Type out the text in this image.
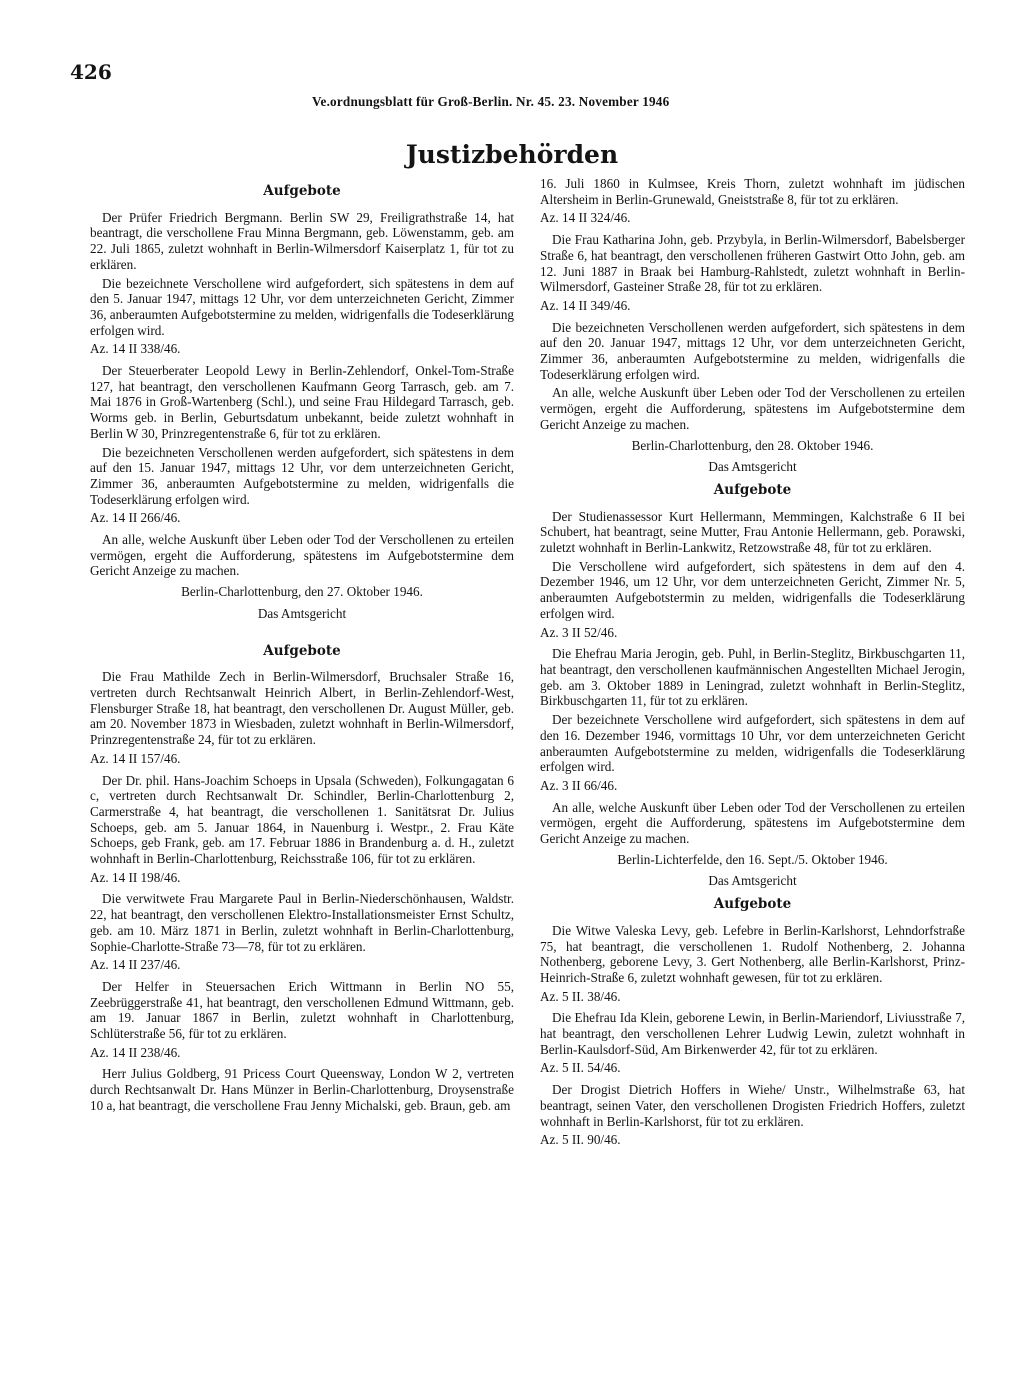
426
Ve.ordnungsblatt für Groß-Berlin. Nr. 45. 23. November 1946
Justizbehörden
Aufgebote

Der Prüfer Friedrich Bergmann. Berlin SW 29, Freiligrathstraße 14, hat beantragt, die verschollene Frau Minna Bergmann, geb. Löwenstamm, geb. am 22. Juli 1865, zuletzt wohnhaft in Berlin-Wilmersdorf Kaiserplatz 1, für tot zu erklären.

Die bezeichnete Verschollene wird aufgefordert, sich spätestens in dem auf den 5. Januar 1947, mittags 12 Uhr, vor dem unterzeichneten Gericht, Zimmer 36, anberaumten Aufgebotstermine zu melden, widrigenfalls die Todeserklärung erfolgen wird.

Az. 14 II 338/46.

Der Steuerberater Leopold Lewy in Berlin-Zehlendorf, Onkel-Tom-Straße 127, hat beantragt, den verschollenen Kaufmann Georg Tarrasch, geb. am 7. Mai 1876 in Groß-Wartenberg (Schl.), und seine Frau Hildegard Tarrasch, geb. Worms geb. in Berlin, Geburtsdatum unbekannt, beide zuletzt wohnhaft in Berlin W 30, Prinzregentenstraße 6, für tot zu erklären.

Die bezeichneten Verschollenen werden aufgefordert, sich spätestens in dem auf den 15. Januar 1947, mittags 12 Uhr, vor dem unterzeichneten Gericht, Zimmer 36, anberaumten Aufgebotstermine zu melden, widrigenfalls die Todeserklärung erfolgen wird.

Az. 14 II 266/46.

An alle, welche Auskunft über Leben oder Tod der Verschollenen zu erteilen vermögen, ergeht die Aufforderung, spätestens im Aufgebotstermine dem Gericht Anzeige zu machen.

Berlin-Charlottenburg, den 27. Oktober 1946.

Das Amtsgericht

Aufgebote

Die Frau Mathilde Zech in Berlin-Wilmersdorf, Bruchsaler Straße 16, vertreten durch Rechtsanwalt Heinrich Albert, in Berlin-Zehlendorf-West, Flensburger Straße 18, hat beantragt, den verschollenen Dr. August Müller, geb. am 20. November 1873 in Wiesbaden, zuletzt wohnhaft in Berlin-Wilmersdorf, Prinzregentenstraße 24, für tot zu erklären.

Az. 14 II 157/46.

Der Dr. phil. Hans-Joachim Schoeps in Upsala (Schweden), Folkungagatan 6 c, vertreten durch Rechtsanwalt Dr. Schindler, Berlin-Charlottenburg 2, Carmerstraße 4, hat beantragt, die verschollenen 1. Sanitätsrat Dr. Julius Schoeps, geb. am 5. Januar 1864, in Nauenburg i. Westpr., 2. Frau Käte Schoeps, geb Frank, geb. am 17. Februar 1886 in Brandenburg a. d. H., zuletzt wohnhaft in Berlin-Charlottenburg, Reichsstraße 106, für tot zu erklären.

Az. 14 II 198/46.

Die verwitwete Frau Margarete Paul in Berlin-Niederschönhausen, Waldstr. 22, hat beantragt, den verschollenen Elektro-Installationsmeister Ernst Schultz, geb. am 10. März 1871 in Berlin, zuletzt wohnhaft in Berlin-Charlottenburg, Sophie-Charlotte-Straße 73—78, für tot zu erklären.

Az. 14 II 237/46.

Der Helfer in Steuersachen Erich Wittmann in Berlin NO 55, Zeebrüggerstraße 41, hat beantragt, den verschollenen Edmund Wittmann, geb. am 19. Januar 1867 in Berlin, zuletzt wohnhaft in Charlottenburg, Schlüterstraße 56, für tot zu erklären.

Az. 14 II 238/46.

Herr Julius Goldberg, 91 Pricess Court Queensway, London W 2, vertreten durch Rechtsanwalt Dr. Hans Münzer in Berlin-Charlottenburg, Droysenstraße 10 a, hat beantragt, die verschollene Frau Jenny Michalski, geb. Braun, geb. am

16. Juli 1860 in Kulmsee, Kreis Thorn, zuletzt wohnhaft im jüdischen Altersheim in Berlin-Grunewald, Gneiststraße 8, für tot zu erklären.

Az. 14 II 324/46.

Die Frau Katharina John, geb. Przybyla, in Berlin-Wilmersdorf, Babelsberger Straße 6, hat beantragt, den verschollenen früheren Gastwirt Otto John, geb. am 12. Juni 1887 in Braak bei Hamburg-Rahlstedt, zuletzt wohnhaft in Berlin-Wilmersdorf, Gasteiner Straße 28, für tot zu erklären.

Az. 14 II 349/46.

Die bezeichneten Verschollenen werden aufgefordert, sich spätestens in dem auf den 20. Januar 1947, mittags 12 Uhr, vor dem unterzeichneten Gericht, Zimmer 36, anberaumten Aufgebotstermine zu melden, widrigenfalls die Todeserklärung erfolgen wird.

An alle, welche Auskunft über Leben oder Tod der Verschollenen zu erteilen vermögen, ergeht die Aufforderung, spätestens im Aufgebotstermine dem Gericht Anzeige zu machen.

Berlin-Charlottenburg, den 28. Oktober 1946.

Das Amtsgericht

Aufgebote

Der Studienassessor Kurt Hellermann, Memmingen, Kalchstraße 6 II bei Schubert, hat beantragt, seine Mutter, Frau Antonie Hellermann, geb. Porawski, zuletzt wohnhaft in Berlin-Lankwitz, Retzowstraße 48, für tot zu erklären.

Die Verschollene wird aufgefordert, sich spätestens in dem auf den 4. Dezember 1946, um 12 Uhr, vor dem unterzeichneten Gericht, Zimmer Nr. 5, anberaumten Aufgebotstermin zu melden, widrigenfalls die Todeserklärung erfolgen wird.

Az. 3 II 52/46.

Die Ehefrau Maria Jerogin, geb. Puhl, in Berlin-Steglitz, Birkbuschgarten 11, hat beantragt, den verschollenen kaufmännischen Angestellten Michael Jerogin, geb. am 3. Oktober 1889 in Leningrad, zuletzt wohnhaft in Berlin-Steglitz, Birkbuschgarten 11, für tot zu erklären.

Der bezeichnete Verschollene wird aufgefordert, sich spätestens in dem auf den 16. Dezember 1946, vormittags 10 Uhr, vor dem unterzeichneten Gericht anberaumten Aufgebotstermine zu melden, widrigenfalls die Todeserklärung erfolgen wird.

Az. 3 II 66/46.

An alle, welche Auskunft über Leben oder Tod der Verschollenen zu erteilen vermögen, ergeht die Aufforderung, spätestens im Aufgebotstermine dem Gericht Anzeige zu machen.

Berlin-Lichterfelde, den 16. Sept./5. Oktober 1946.

Das Amtsgericht

Aufgebote

Die Witwe Valeska Levy, geb. Lefebre in Berlin-Karlshorst, Lehndorfstraße 75, hat beantragt, die verschollenen 1. Rudolf Nothenberg, 2. Johanna Nothenberg, geborene Levy, 3. Gert Nothenberg, alle Berlin-Karlshorst, Prinz-Heinrich-Straße 6, zuletzt wohnhaft gewesen, für tot zu erklären.

Az. 5 II. 38/46.

Die Ehefrau Ida Klein, geborene Lewin, in Berlin-Mariendorf, Liviusstraße 7, hat beantragt, den verschollenen Lehrer Ludwig Lewin, zuletzt wohnhaft in Berlin-Kaulsdorf-Süd, Am Birkenwerder 42, für tot zu erklären.

Az. 5 II. 54/46.

Der Drogist Dietrich Hoffers in Wiehe/ Unstr., Wilhelmstraße 63, hat beantragt, seinen Vater, den verschollenen Drogisten Friedrich Hoffers, zuletzt wohnhaft in Berlin-Karlshorst, für tot zu erklären.

Az. 5 II. 90/46.
